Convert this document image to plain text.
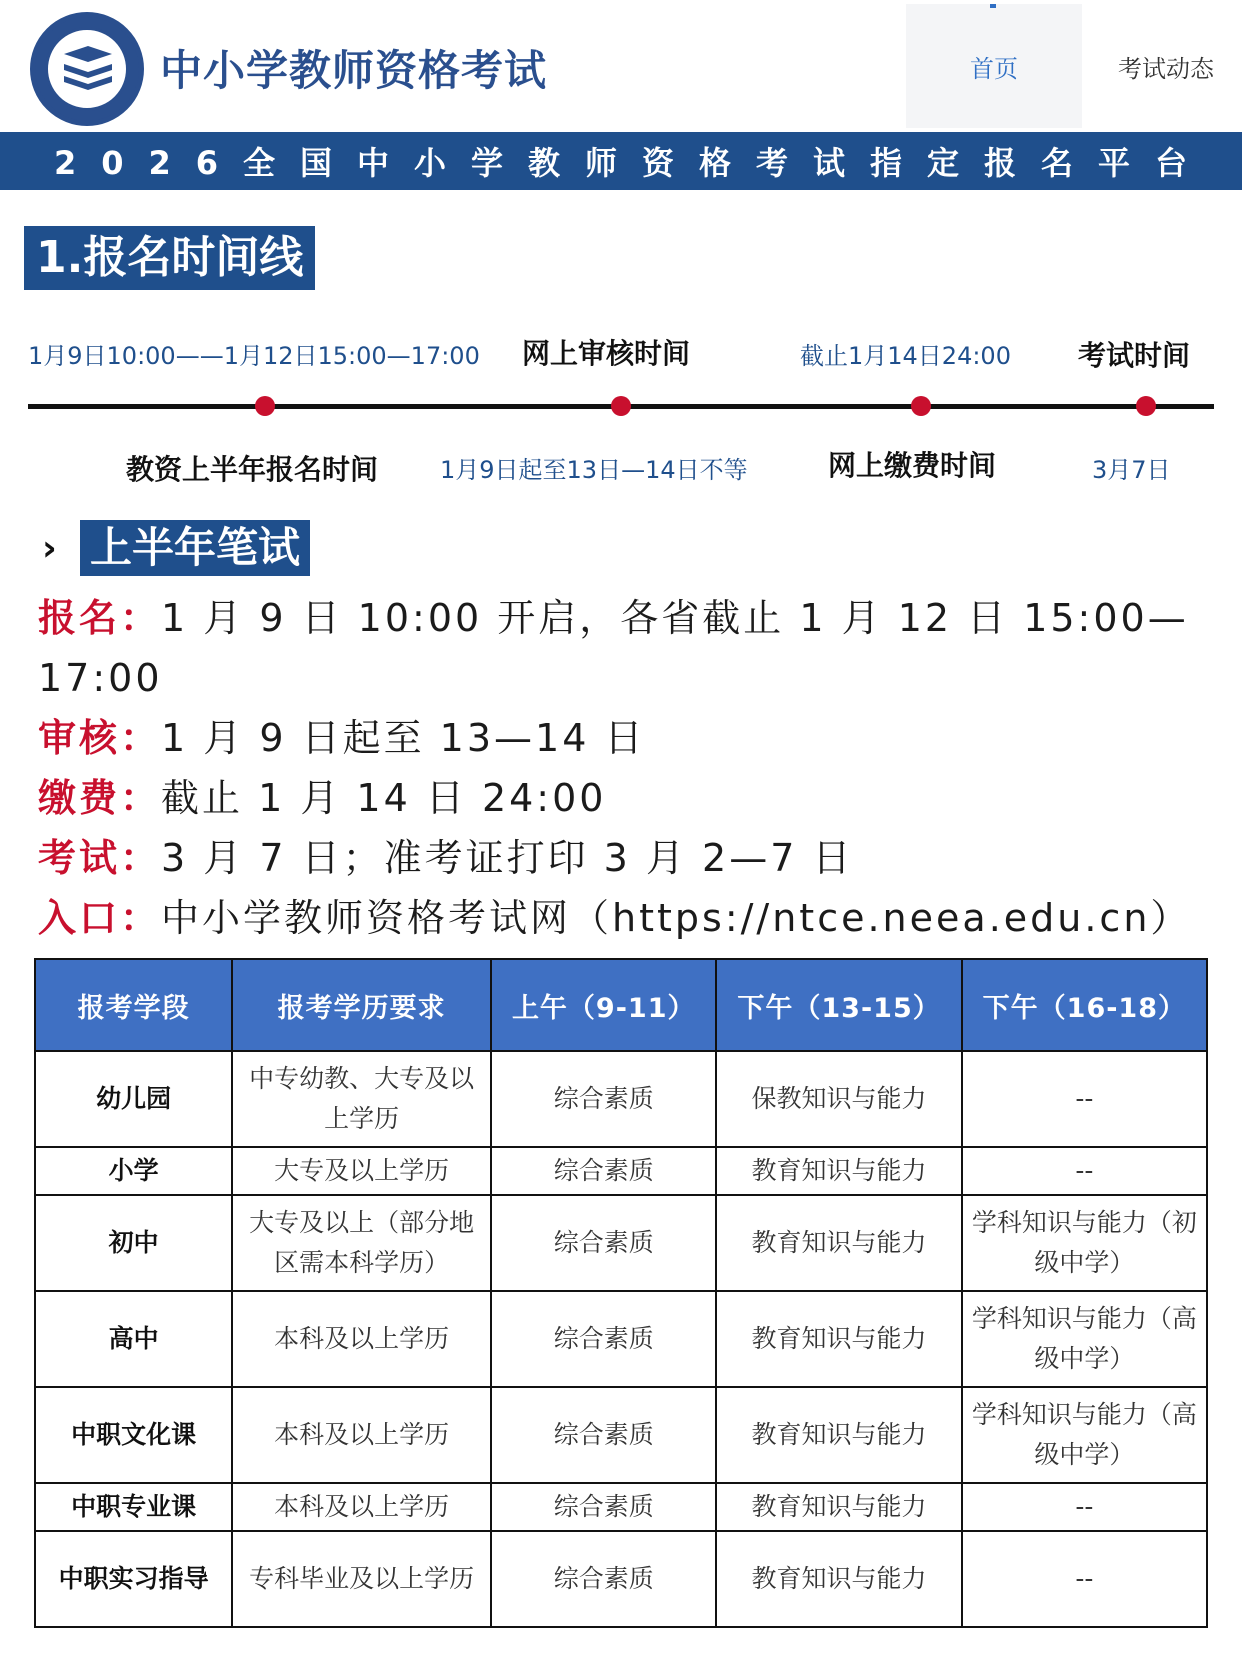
中小学教师资格考试	首页	考试动态
2026全国中小学教师资格考试指定报名平台
1.报名时间线
1月9日10:00——1月12日15:00—17:00 网上审核时间	截止1月14日24:00 考试时间
教资上半年报名时间	1月9日起至13日—14日不等	网上缴费时间	3月7日
› 上半年笔试
报名：1 月 9 日 10:00 开启，各省截止 1 月 12 日 15:00—17:00
审核：1 月 9 日起至 13—14 日
缴费：截止 1 月 14 日 24:00
考试：3 月 7 日；准考证打印 3 月 2—7 日
入口：中小学教师资格考试网（https://ntce.neea.edu.cn）
报考学段	报考学历要求	上午（9-11）	下午（13-15）	下午（16-18）
幼儿园	中专幼教、大专及以上学历	综合素质	保教知识与能力	--
小学	大专及以上学历	综合素质	教育知识与能力	--
初中	大专及以上（部分地区需本科学历）	综合素质	教育知识与能力	学科知识与能力（初级中学）
高中	本科及以上学历	综合素质	教育知识与能力	学科知识与能力（高级中学）
中职文化课	本科及以上学历	综合素质	教育知识与能力	学科知识与能力（高级中学）
中职专业课	本科及以上学历	综合素质	教育知识与能力	--
中职实习指导	专科毕业及以上学历	综合素质	教育知识与能力	--
